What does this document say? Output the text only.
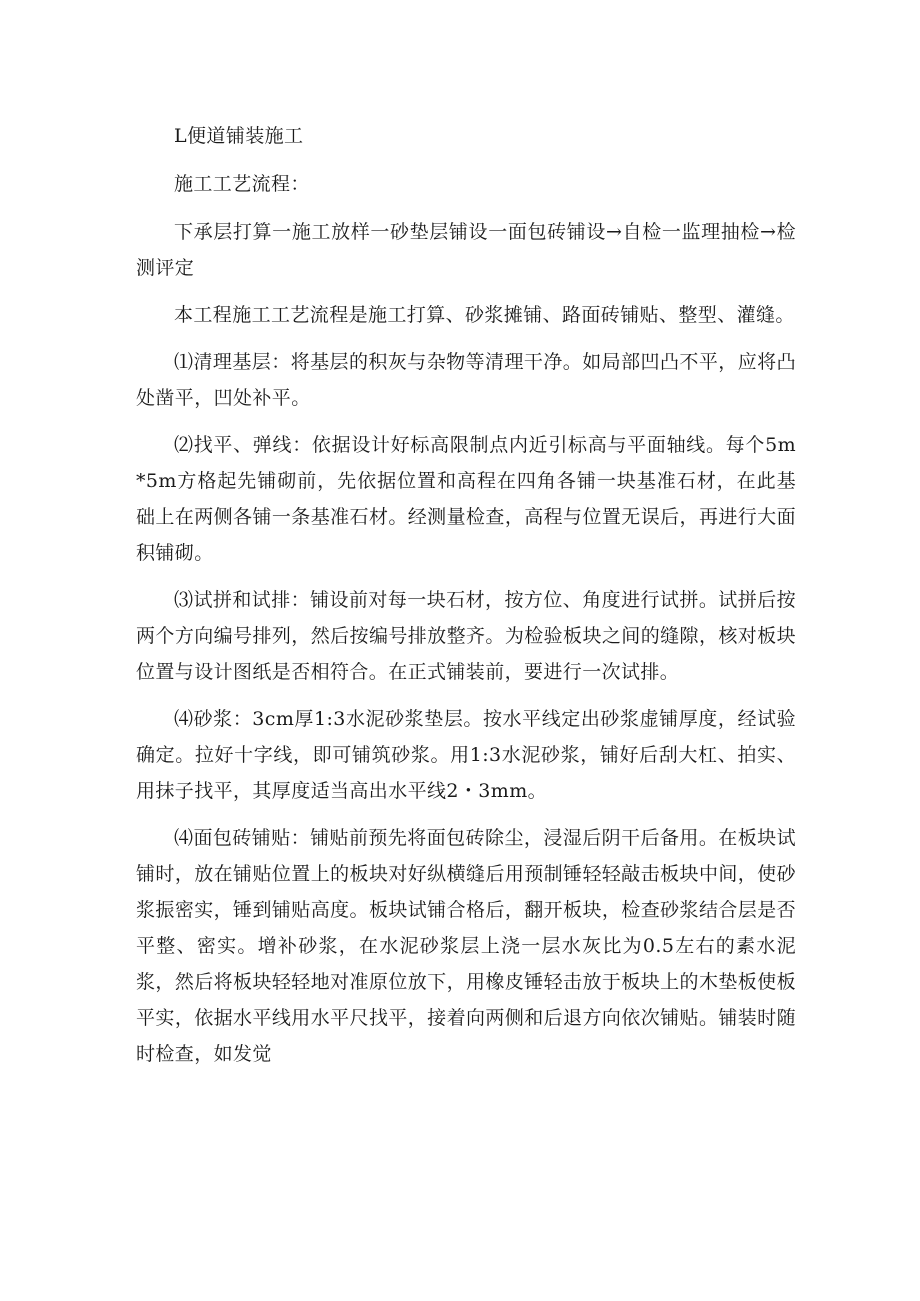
L便道铺装施工

施工工艺流程：

下承层打算一施工放样一砂垫层铺设一面包砖铺设→自检一监理抽检→检测评定

本工程施工工艺流程是施工打算、砂浆摊铺、路面砖铺贴、整型、灌缝。

⑴清理基层：将基层的积灰与杂物等清理干净。如局部凹凸不平，应将凸处凿平，凹处补平。

⑵找平、弹线：依据设计好标高限制点内近引标高与平面轴线。每个5m*5m方格起先铺砌前，先依据位置和高程在四角各铺一块基准石材，在此基础上在两侧各铺一条基准石材。经测量检查，高程与位置无误后，再进行大面积铺砌。

⑶试拼和试排：铺设前对每一块石材，按方位、角度进行试拼。试拼后按两个方向编号排列，然后按编号排放整齐。为检验板块之间的缝隙，核对板块位置与设计图纸是否相符合。在正式铺装前，要进行一次试排。

⑷砂浆：3cm厚1:3水泥砂浆垫层。按水平线定出砂浆虚铺厚度，经试验确定。拉好十字线，即可铺筑砂浆。用1:3水泥砂浆，铺好后刮大杠、拍实、用抹子找平，其厚度适当高出水平线2・3mm。

⑷面包砖铺贴：铺贴前预先将面包砖除尘，浸湿后阴干后备用。在板块试铺时，放在铺贴位置上的板块对好纵横缝后用预制锤轻轻敲击板块中间，使砂浆振密实，锤到铺贴高度。板块试铺合格后，翻开板块，检查砂浆结合层是否平整、密实。增补砂浆，在水泥砂浆层上浇一层水灰比为0.5左右的素水泥浆，然后将板块轻轻地对准原位放下，用橡皮锤轻击放于板块上的木垫板使板平实，依据水平线用水平尺找平，接着向两侧和后退方向依次铺贴。铺装时随时检查，如发觉
